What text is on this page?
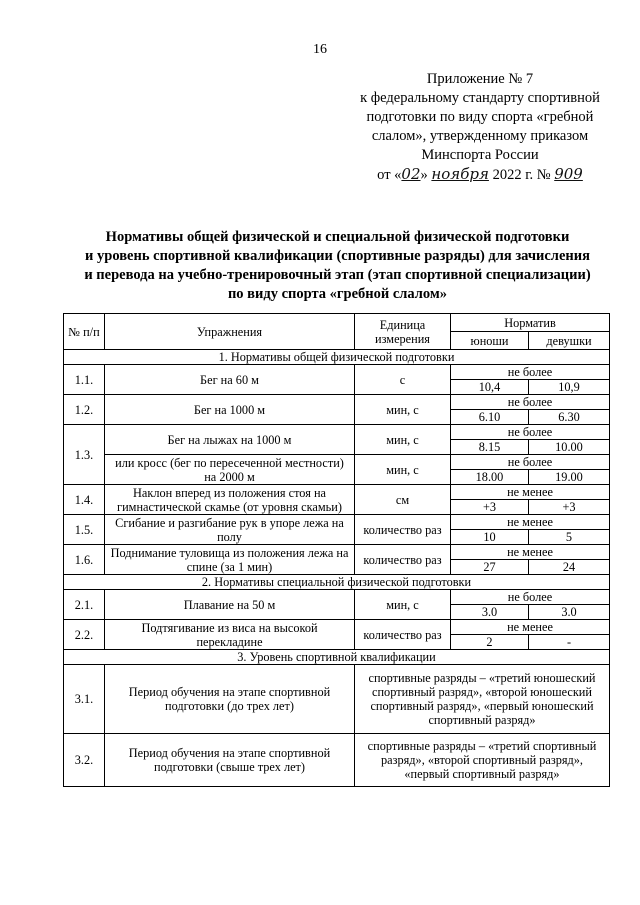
16
Приложение № 7
к федеральному стандарту спортивной
подготовки по виду спорта «гребной
слалом», утвержденному приказом
Минспорта России
от «02» ноября 2022 г. № 909
Нормативы общей физической и специальной физической подготовки
и уровень спортивной квалификации (спортивные разряды) для зачисления
и перевода на учебно-тренировочный этап (этап спортивной специализации)
по виду спорта «гребной слалом»
№ п/п	Упражнения	Единица измерения	Норматив	
			юноши	девушки
1. Нормативы общей физической подготовки				
1.1.	Бег на 60 м	с	не более	
			10,4	10,9
1.2.	Бег на 1000 м	мин, с	не более	
			6.10	6.30
1.3.	Бег на лыжах на 1000 м	мин, с	не более	
			8.15	10.00
	или кросс (бег по пересеченной местности) на 2000 м	мин, с	не более	
			18.00	19.00
1.4.	Наклон вперед из положения стоя на гимнастической скамье (от уровня скамьи)	см	не менее	
			+3	+3
1.5.	Сгибание и разгибание рук в упоре лежа на полу	количество раз	не менее	
			10	5
1.6.	Поднимание туловища из положения лежа на спине (за 1 мин)	количество раз	не менее	
			27	24
2. Нормативы специальной физической подготовки				
2.1.	Плавание на 50 м	мин, с	не более	
			3.0	3.0
2.2.	Подтягивание из виса на высокой перекладине	количество раз	не менее	
			2	-
3. Уровень спортивной квалификации				
3.1.	Период обучения на этапе спортивной подготовки (до трех лет)	спортивные разряды – «третий юношеский спортивный разряд», «второй юношеский спортивный разряд», «первый юношеский спортивный разряд»		
3.2.	Период обучения на этапе спортивной подготовки (свыше трех лет)	спортивные разряды – «третий спортивный разряд», «второй спортивный разряд», «первый спортивный разряд»		
